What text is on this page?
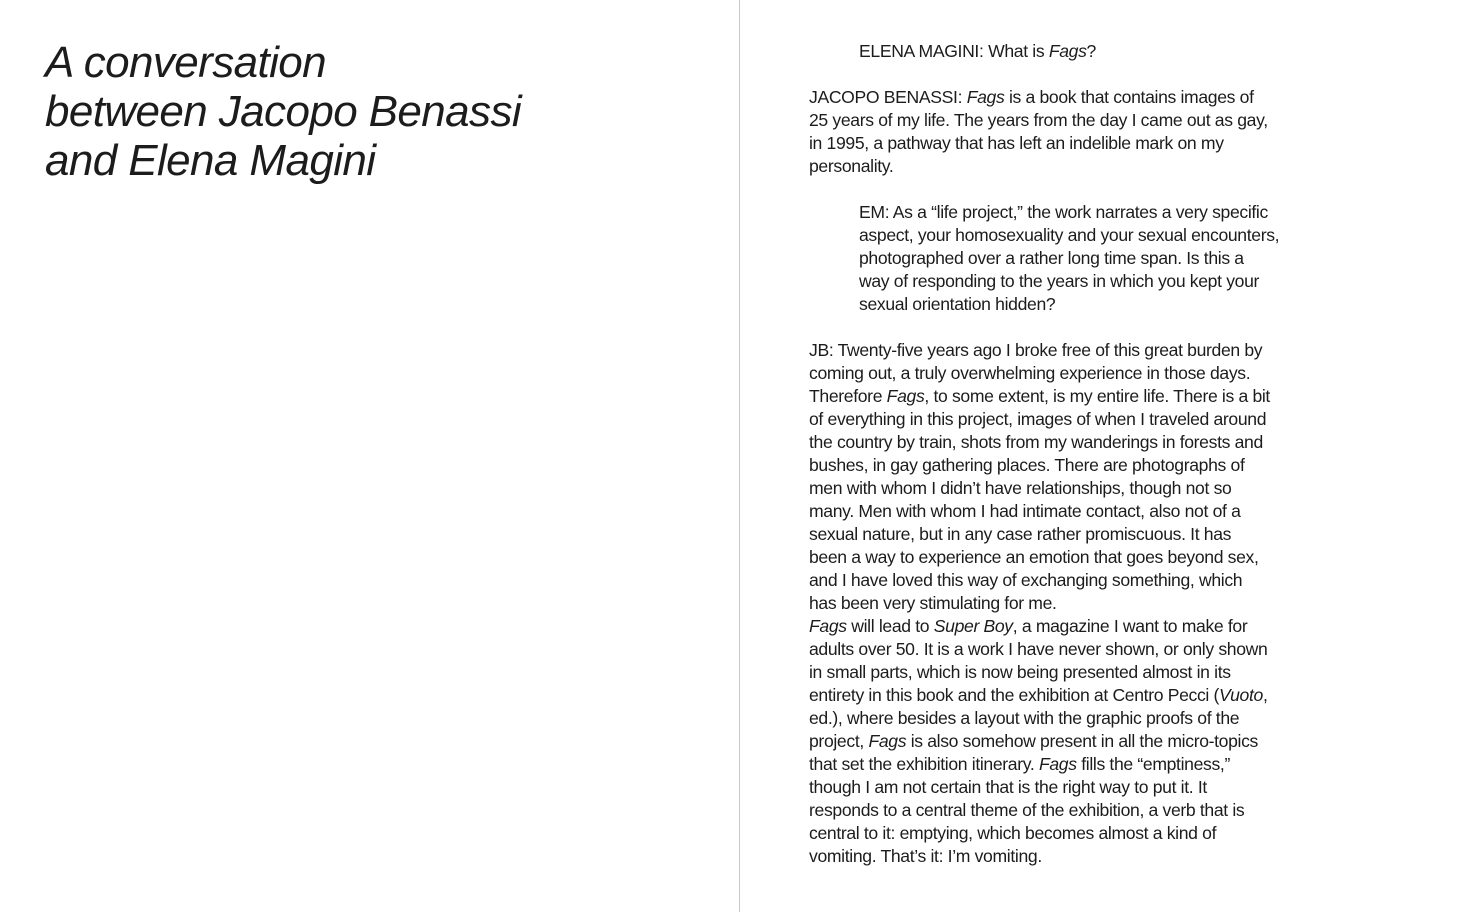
A conversation
between Jacopo Benassi
and Elena Magini

ELENA MAGINI: What is Fags?

JACOPO BENASSI: Fags is a book that contains images of
25 years of my life. The years from the day I came out as gay,
in 1995, a pathway that has left an indelible mark on my
personality.

EM: As a “life project,” the work narrates a very specific
aspect, your homosexuality and your sexual encounters,
photographed over a rather long time span. Is this a
way of responding to the years in which you kept your
sexual orientation hidden?

JB: Twenty-five years ago I broke free of this great burden by
coming out, a truly overwhelming experience in those days.
Therefore Fags, to some extent, is my entire life. There is a bit
of everything in this project, images of when I traveled around
the country by train, shots from my wanderings in forests and
bushes, in gay gathering places. There are photographs of
men with whom I didn’t have relationships, though not so
many. Men with whom I had intimate contact, also not of a
sexual nature, but in any case rather promiscuous. It has
been a way to experience an emotion that goes beyond sex,
and I have loved this way of exchanging something, which
has been very stimulating for me.

Fags will lead to Super Boy, a magazine I want to make for
adults over 50. It is a work I have never shown, or only shown
in small parts, which is now being presented almost in its
entirety in this book and the exhibition at Centro Pecci (Vuoto,
ed.), where besides a layout with the graphic proofs of the
project, Fags is also somehow present in all the micro-topics
that set the exhibition itinerary. Fags fills the “emptiness,”
though I am not certain that is the right way to put it. It
responds to a central theme of the exhibition, a verb that is
central to it: emptying, which becomes almost a kind of
vomiting. That’s it: I’m vomiting.
